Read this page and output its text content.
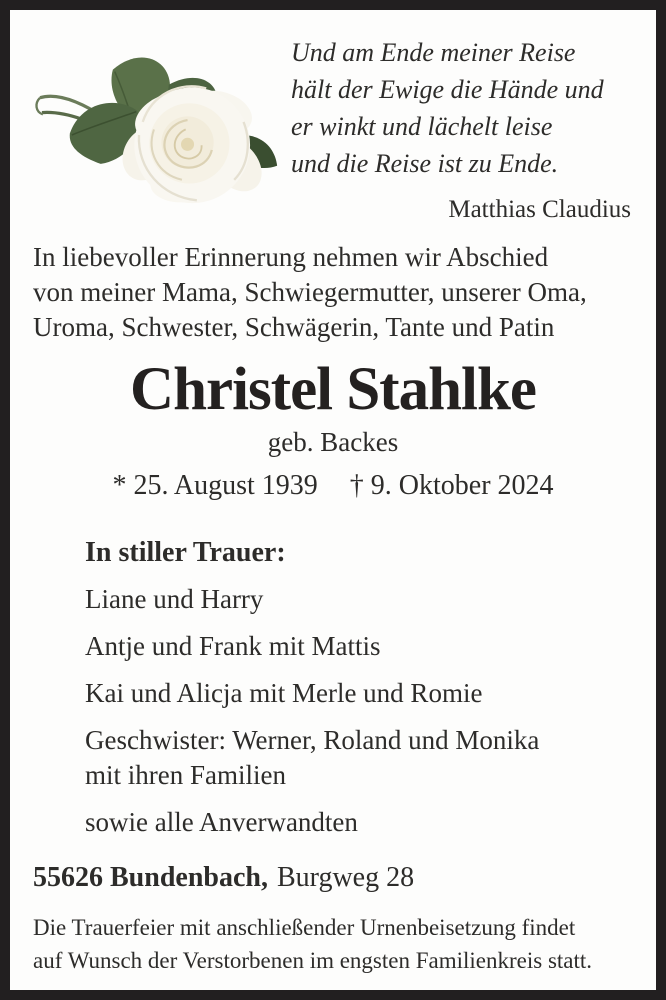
Und am Ende meiner Reise
hält der Ewige die Hände und
er winkt und lächelt leise
und die Reise ist zu Ende.
Matthias Claudius
In liebevoller Erinnerung nehmen wir Abschied
von meiner Mama, Schwiegermutter, unserer Oma,
Uroma, Schwester, Schwägerin, Tante und Patin
Christel Stahlke
geb. Backes
* 25. August 1939 † 9. Oktober 2024
In stiller Trauer:
Liane und Harry
Antje und Frank mit Mattis
Kai und Alicja mit Merle und Romie
Geschwister: Werner, Roland und Monika
mit ihren Familien
sowie alle Anverwandten
55626 Bundenbach, Burgweg 28
Die Trauerfeier mit anschließender Urnenbeisetzung findet
auf Wunsch der Verstorbenen im engsten Familienkreis statt.
